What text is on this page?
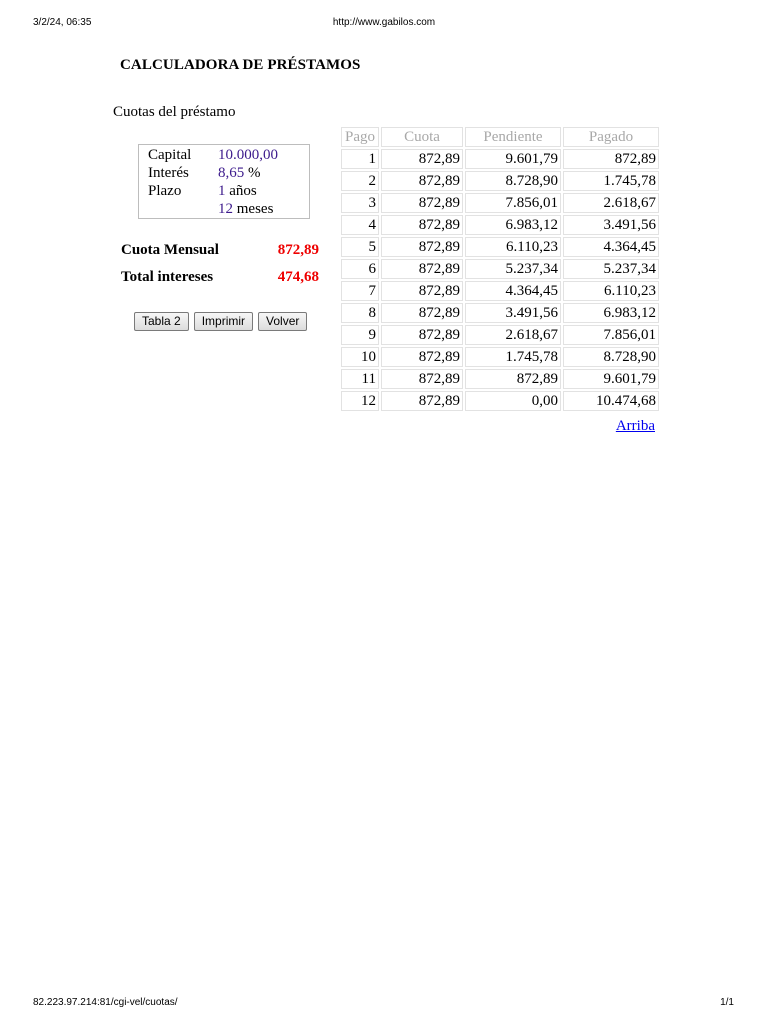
3/2/24, 06:35	http://www.gabilos.com
CALCULADORA DE PRÉSTAMOS
Cuotas del préstamo
Capital 10.000,00
Interés 8,65 %
Plazo 1 años
12 meses
Cuota Mensual	872,89
Total intereses	474,68
Tabla 2 Imprimir Volver
Pago	Cuota	Pendiente	Pagado
1	872,89	9.601,79	872,89
2	872,89	8.728,90	1.745,78
3	872,89	7.856,01	2.618,67
4	872,89	6.983,12	3.491,56
5	872,89	6.110,23	4.364,45
6	872,89	5.237,34	5.237,34
7	872,89	4.364,45	6.110,23
8	872,89	3.491,56	6.983,12
9	872,89	2.618,67	7.856,01
10	872,89	1.745,78	8.728,90
11	872,89	872,89	9.601,79
12	872,89	0,00	10.474,68
Arriba
82.223.97.214:81/cgi-vel/cuotas/	1/1
